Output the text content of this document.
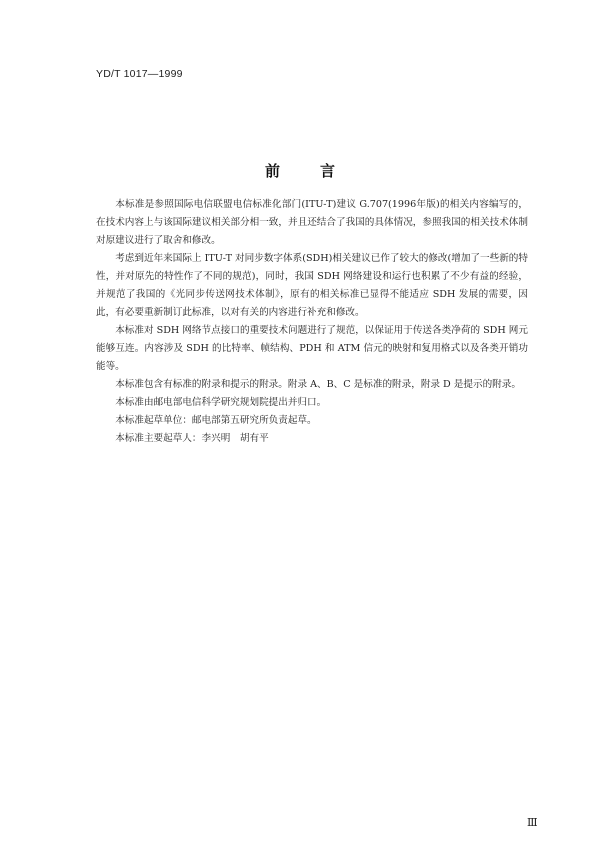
YD/T 1017—1999
前言

本标准是参照国际电信联盟电信标准化部门(ITU-T)建议 G.707(1996年版)的相关内容编写的，在技术内容上与该国际建议相关部分相一致，并且还结合了我国的具体情况，参照我国的相关技术体制对原建议进行了取舍和修改。

考虑到近年来国际上 ITU-T 对同步数字体系(SDH)相关建议已作了较大的修改(增加了一些新的特性，并对原先的特性作了不同的规范)，同时，我国 SDH 网络建设和运行也积累了不少有益的经验，并规范了我国的《光同步传送网技术体制》，原有的相关标准已显得不能适应 SDH 发展的需要，因此，有必要重新制订此标准，以对有关的内容进行补充和修改。

本标准对 SDH 网络节点接口的重要技术问题进行了规范，以保证用于传送各类净荷的 SDH 网元能够互连。内容涉及 SDH 的比特率、帧结构、PDH 和 ATM 信元的映射和复用格式以及各类开销功能等。

本标准包含有标准的附录和提示的附录。附录 A、B、C 是标准的附录，附录 D 是提示的附录。

本标准由邮电部电信科学研究规划院提出并归口。

本标准起草单位：邮电部第五研究所负责起草。

本标准主要起草人：李兴明　胡有平

Ⅲ
